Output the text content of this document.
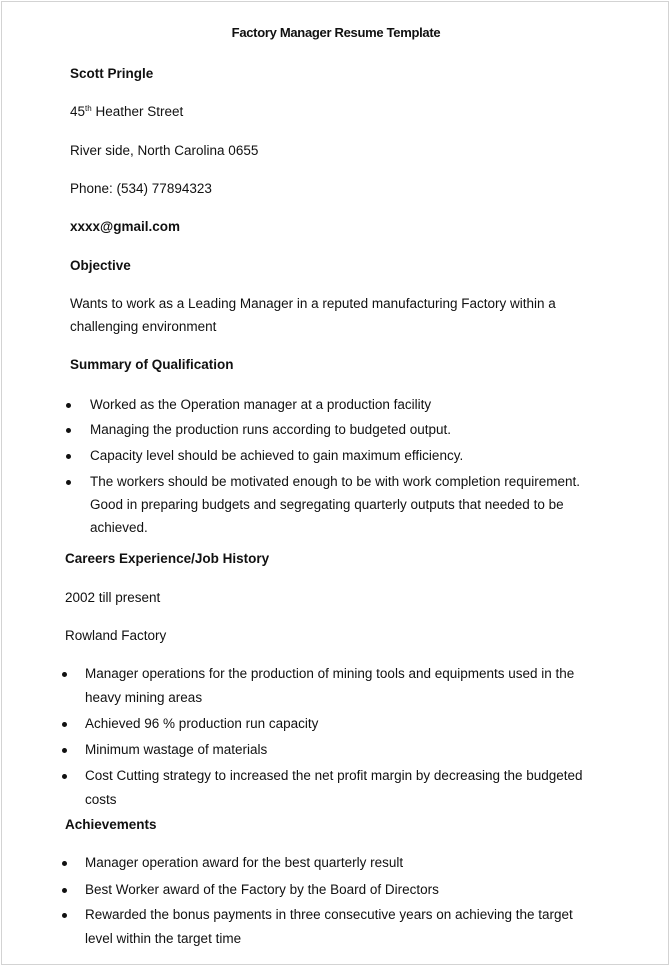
Factory Manager Resume Template
Scott Pringle
45th Heather Street
River side, North Carolina 0655
Phone: (534) 77894323
xxxx@gmail.com
Objective
Wants to work as a Leading Manager in a reputed manufacturing Factory within a
challenging environment
Summary of Qualification
Worked as the Operation manager at a production facility
Managing the production runs according to budgeted output.
Capacity level should be achieved to gain maximum efficiency.
The workers should be motivated enough to be with work completion requirement.
Good in preparing budgets and segregating quarterly outputs that needed to be
achieved.
Careers Experience/Job History
2002 till present
Rowland Factory
Manager operations for the production of mining tools and equipments used in the
heavy mining areas
Achieved 96 % production run capacity
Minimum wastage of materials
Cost Cutting strategy to increased the net profit margin by decreasing the budgeted
costs
Achievements
Manager operation award for the best quarterly result
Best Worker award of the Factory by the Board of Directors
Rewarded the bonus payments in three consecutive years on achieving the target
level within the target time
